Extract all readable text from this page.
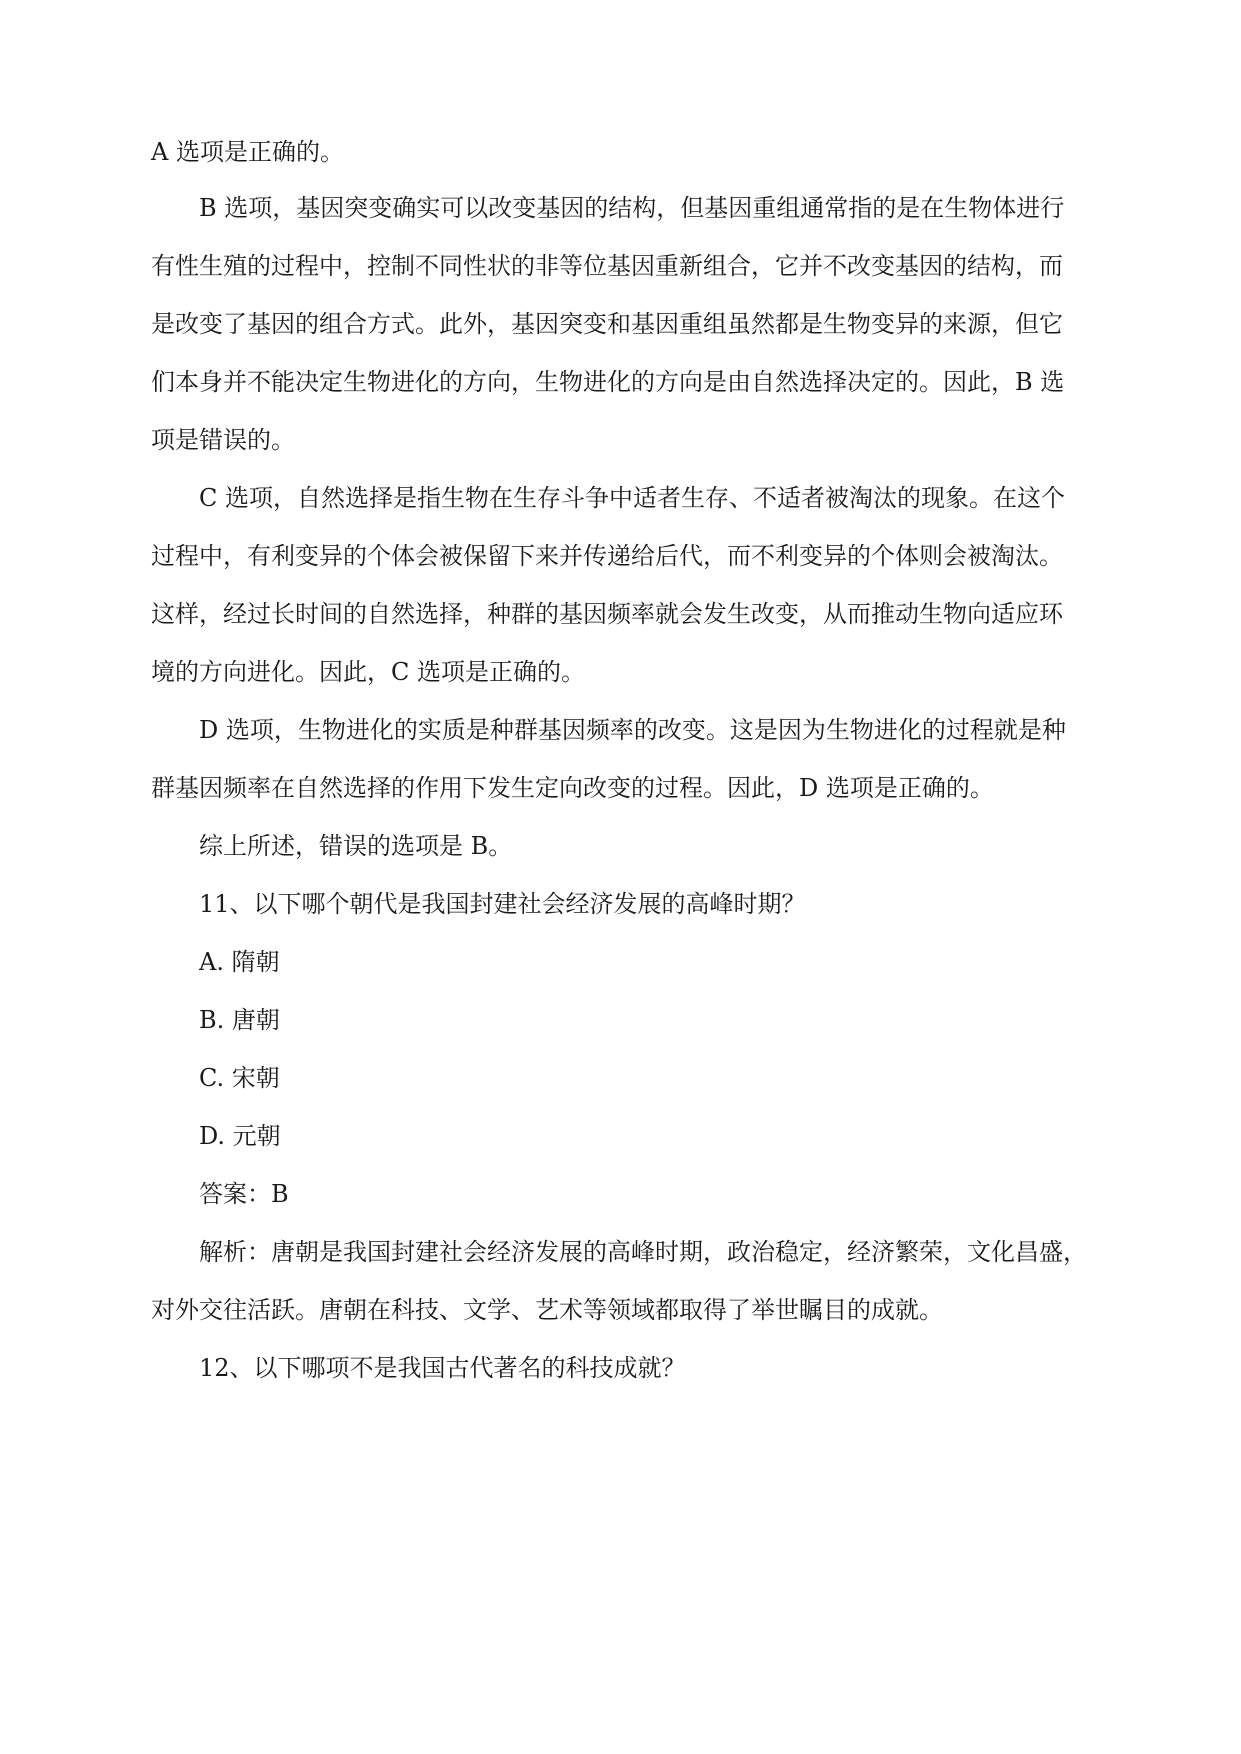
A 选项是正确的。

B 选项，基因突变确实可以改变基因的结构，但基因重组通常指的是在生物体进行

有性生殖的过程中，控制不同性状的非等位基因重新组合，它并不改变基因的结构，而

是改变了基因的组合方式。此外，基因突变和基因重组虽然都是生物变异的来源，但它

们本身并不能决定生物进化的方向，生物进化的方向是由自然选择决定的。因此，B 选

项是错误的。

C 选项，自然选择是指生物在生存斗争中适者生存、不适者被淘汰的现象。在这个

过程中，有利变异的个体会被保留下来并传递给后代，而不利变异的个体则会被淘汰。

这样，经过长时间的自然选择，种群的基因频率就会发生改变，从而推动生物向适应环

境的方向进化。因此，C 选项是正确的。

D 选项，生物进化的实质是种群基因频率的改变。这是因为生物进化的过程就是种

群基因频率在自然选择的作用下发生定向改变的过程。因此，D 选项是正确的。

综上所述，错误的选项是 B。

11、以下哪个朝代是我国封建社会经济发展的高峰时期？

A. 隋朝

B. 唐朝

C. 宋朝

D. 元朝

答案：B

解析：唐朝是我国封建社会经济发展的高峰时期，政治稳定，经济繁荣，文化昌盛，

对外交往活跃。唐朝在科技、文学、艺术等领域都取得了举世瞩目的成就。

12、以下哪项不是我国古代著名的科技成就？
